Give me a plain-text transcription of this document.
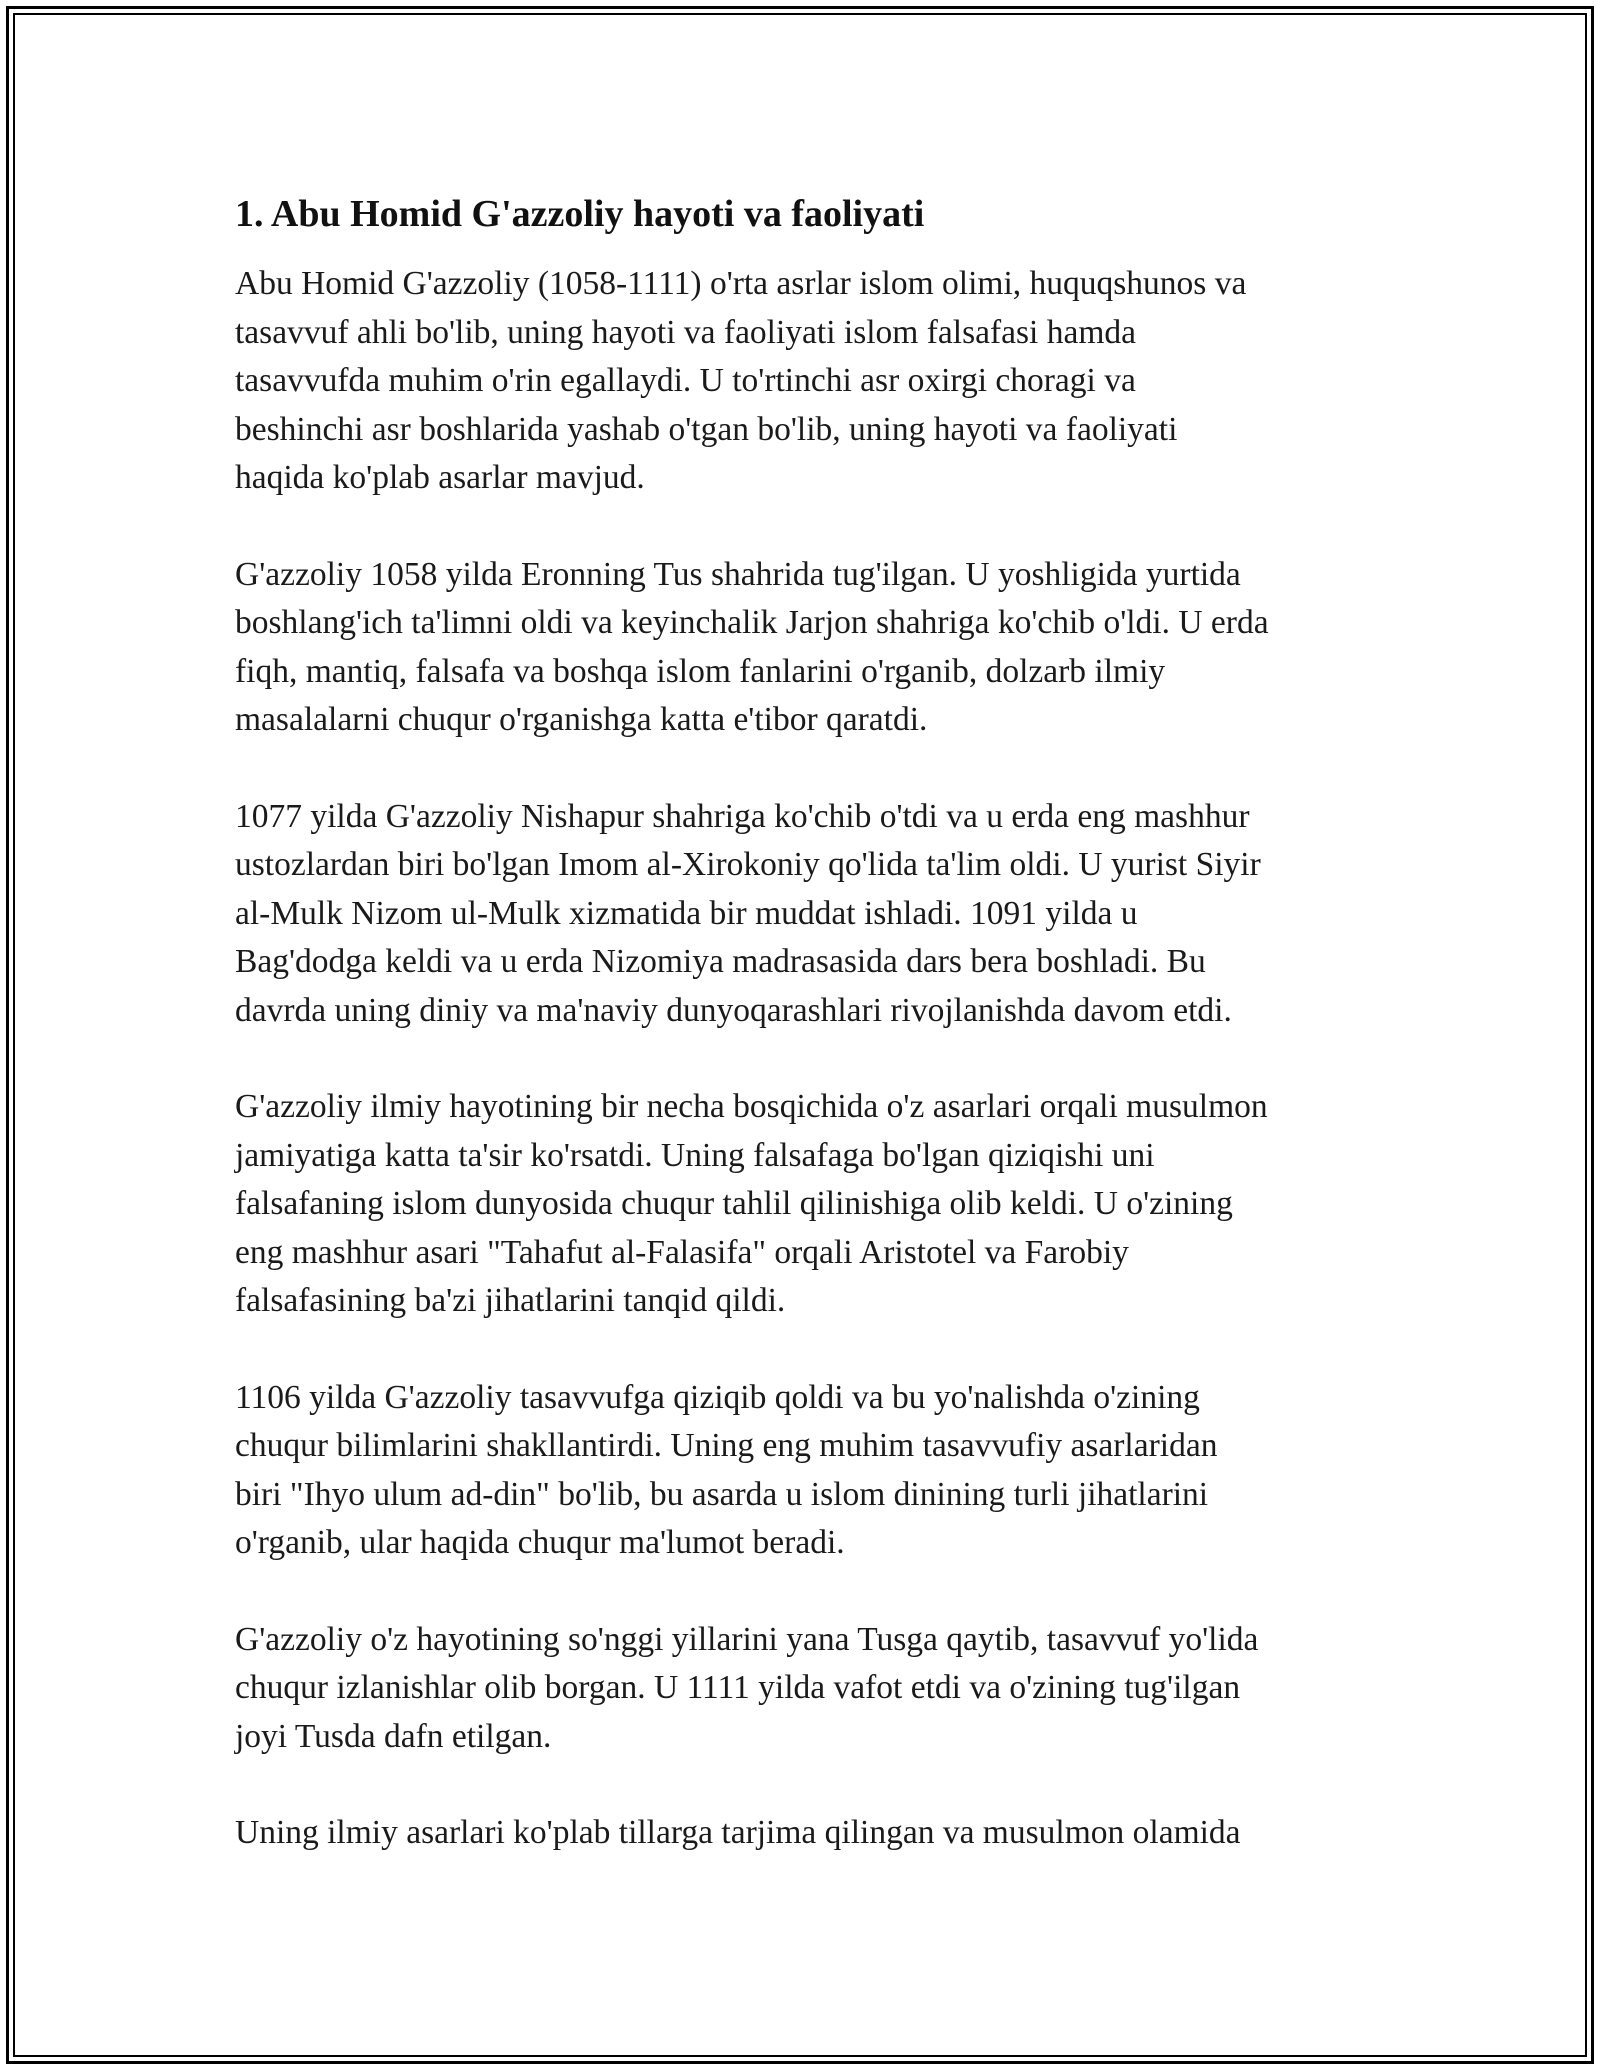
1. Abu Homid G'azzoliy hayoti va faoliyati

Abu Homid G'azzoliy (1058-1111) o'rta asrlar islom olimi, huquqshunos va
tasavvuf ahli bo'lib, uning hayoti va faoliyati islom falsafasi hamda
tasavvufda muhim o'rin egallaydi. U to'rtinchi asr oxirgi choragi va
beshinchi asr boshlarida yashab o'tgan bo'lib, uning hayoti va faoliyati
haqida ko'plab asarlar mavjud.

G'azzoliy 1058 yilda Eronning Tus shahrida tug'ilgan. U yoshligida yurtida
boshlang'ich ta'limni oldi va keyinchalik Jarjon shahriga ko'chib o'ldi. U erda
fiqh, mantiq, falsafa va boshqa islom fanlarini o'rganib, dolzarb ilmiy
masalalarni chuqur o'rganishga katta e'tibor qaratdi.

1077 yilda G'azzoliy Nishapur shahriga ko'chib o'tdi va u erda eng mashhur
ustozlardan biri bo'lgan Imom al-Xirokoniy qo'lida ta'lim oldi. U yurist Siyir
al-Mulk Nizom ul-Mulk xizmatida bir muddat ishladi. 1091 yilda u
Bag'dodga keldi va u erda Nizomiya madrasasida dars bera boshladi. Bu
davrda uning diniy va ma'naviy dunyoqarashlari rivojlanishda davom etdi.

G'azzoliy ilmiy hayotining bir necha bosqichida o'z asarlari orqali musulmon
jamiyatiga katta ta'sir ko'rsatdi. Uning falsafaga bo'lgan qiziqishi uni
falsafaning islom dunyosida chuqur tahlil qilinishiga olib keldi. U o'zining
eng mashhur asari "Tahafut al-Falasifa" orqali Aristotel va Farobiy
falsafasining ba'zi jihatlarini tanqid qildi.

1106 yilda G'azzoliy tasavvufga qiziqib qoldi va bu yo'nalishda o'zining
chuqur bilimlarini shakllantirdi. Uning eng muhim tasavvufiy asarlaridan
biri "Ihyo ulum ad-din" bo'lib, bu asarda u islom dinining turli jihatlarini
o'rganib, ular haqida chuqur ma'lumot beradi.

G'azzoliy o'z hayotining so'nggi yillarini yana Tusga qaytib, tasavvuf yo'lida
chuqur izlanishlar olib borgan. U 1111 yilda vafot etdi va o'zining tug'ilgan
joyi Tusda dafn etilgan.

Uning ilmiy asarlari ko'plab tillarga tarjima qilingan va musulmon olamida
